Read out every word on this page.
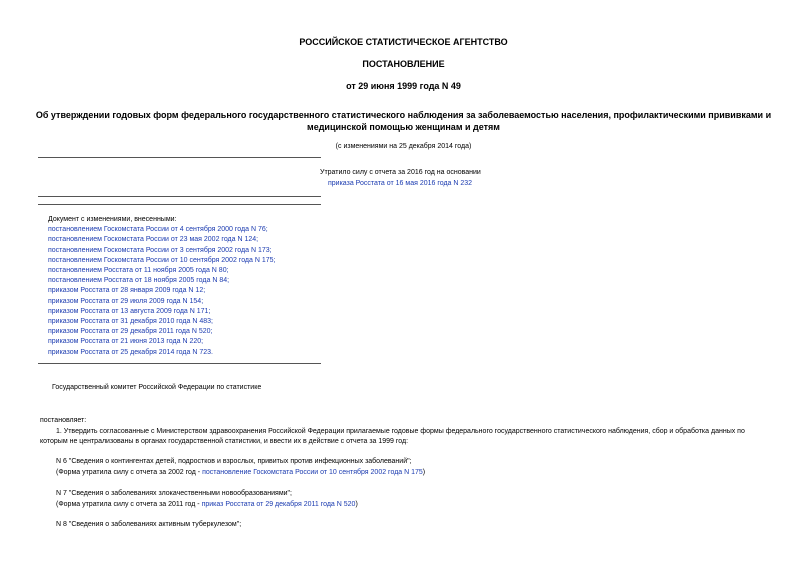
РОССИЙСКОЕ СТАТИСТИЧЕСКОЕ АГЕНТСТВО
ПОСТАНОВЛЕНИЕ
от 29 июня 1999 года N 49
Об утверждении годовых форм федерального государственного статистического наблюдения за заболеваемостью населения, профилактическими прививками и
медицинской помощью женщинам и детям
(с изменениями на 25 декабря 2014 года)
Утратило силу с отчета за 2016 год на основании
приказа Росстата от 16 мая 2016 года N 232
Документ с изменениями, внесенными:
постановлением Госкомстата России от 4 сентября 2000 года N 76;
постановлением Госкомстата России от 23 мая 2002 года N 124;
постановлением Госкомстата России от 3 сентября 2002 года N 173;
постановлением Госкомстата России от 10 сентября 2002 года N 175;
постановлением Росстата от 11 ноября 2005 года N 80;
постановлением Росстата от 18 ноября 2005 года N 84;
приказом Росстата от 28 января 2009 года N 12;
приказом Росстата от 29 июля 2009 года N 154;
приказом Росстата от 13 августа 2009 года N 171;
приказом Росстата от 31 декабря 2010 года N 483;
приказом Росстата от 29 декабря 2011 года N 520;
приказом Росстата от 21 июня 2013 года N 220;
приказом Росстата от 25 декабря 2014 года N 723.
Государственный комитет Российской Федерации по статистике
постановляет:
1. Утвердить согласованные с Министерством здравоохранения Российской Федерации прилагаемые годовые формы федерального государственного статистического наблюдения, сбор и обработка данных по
которым не централизованы в органах государственной статистики, и ввести их в действие с отчета за 1999 год:
N 6 "Сведения о контингентах детей, подростков и взрослых, привитых против инфекционных заболеваний";
(Форма утратила силу с отчета за 2002 год - постановление Госкомстата России от 10 сентября 2002 года N 175)
N 7 "Сведения о заболеваниях злокачественными новообразованиями";
(Форма утратила силу с отчета за 2011 год - приказ Росстата от 29 декабря 2011 года N 520)
N 8 "Сведения о заболеваниях активным туберкулезом";
